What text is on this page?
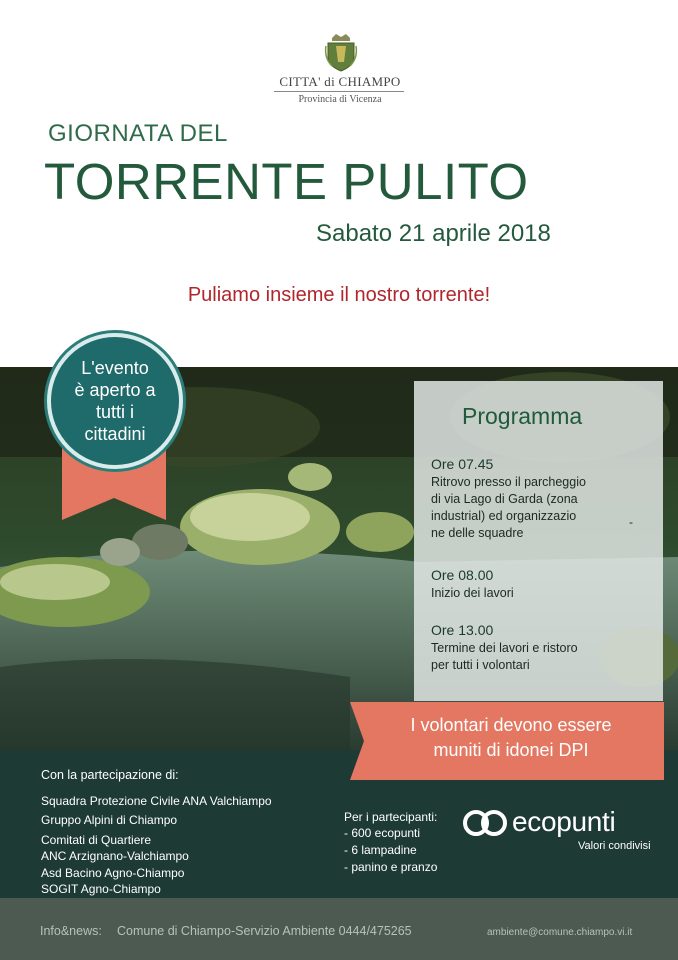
CITTA' di CHIAMPO
Provincia di Vicenza
GIORNATA DEL
TORRENTE PULITO
Sabato 21 aprile 2018
Puliamo insieme il nostro torrente!
L'evento
è aperto a
tutti i
cittadini
Programma
Ore 07.45
Ritrovo presso il parcheggio
di via Lago di Garda (zona
industrial) ed organizzazio
ne delle squadre
-
Ore 08.00
Inizio dei lavori
Ore 13.00
Termine dei lavori e ristoro
per tutti i volontari
I volontari devono essere
muniti di idonei DPI
Con la partecipazione di:
Squadra Protezione Civile ANA Valchiampo
Gruppo Alpini di Chiampo
Comitati di Quartiere
ANC Arzignano-Valchiampo
Asd Bacino Agno-Chiampo
SOGIT Agno-Chiampo
Per i partecipanti:
- 600 ecopunti
- 6 lampadine
- panino e pranzo
ecopunti
Valori condivisi
Info&news: Comune di Chiampo-Servizio Ambiente 0444/475265	ambiente@comune.chiampo.vi.it
